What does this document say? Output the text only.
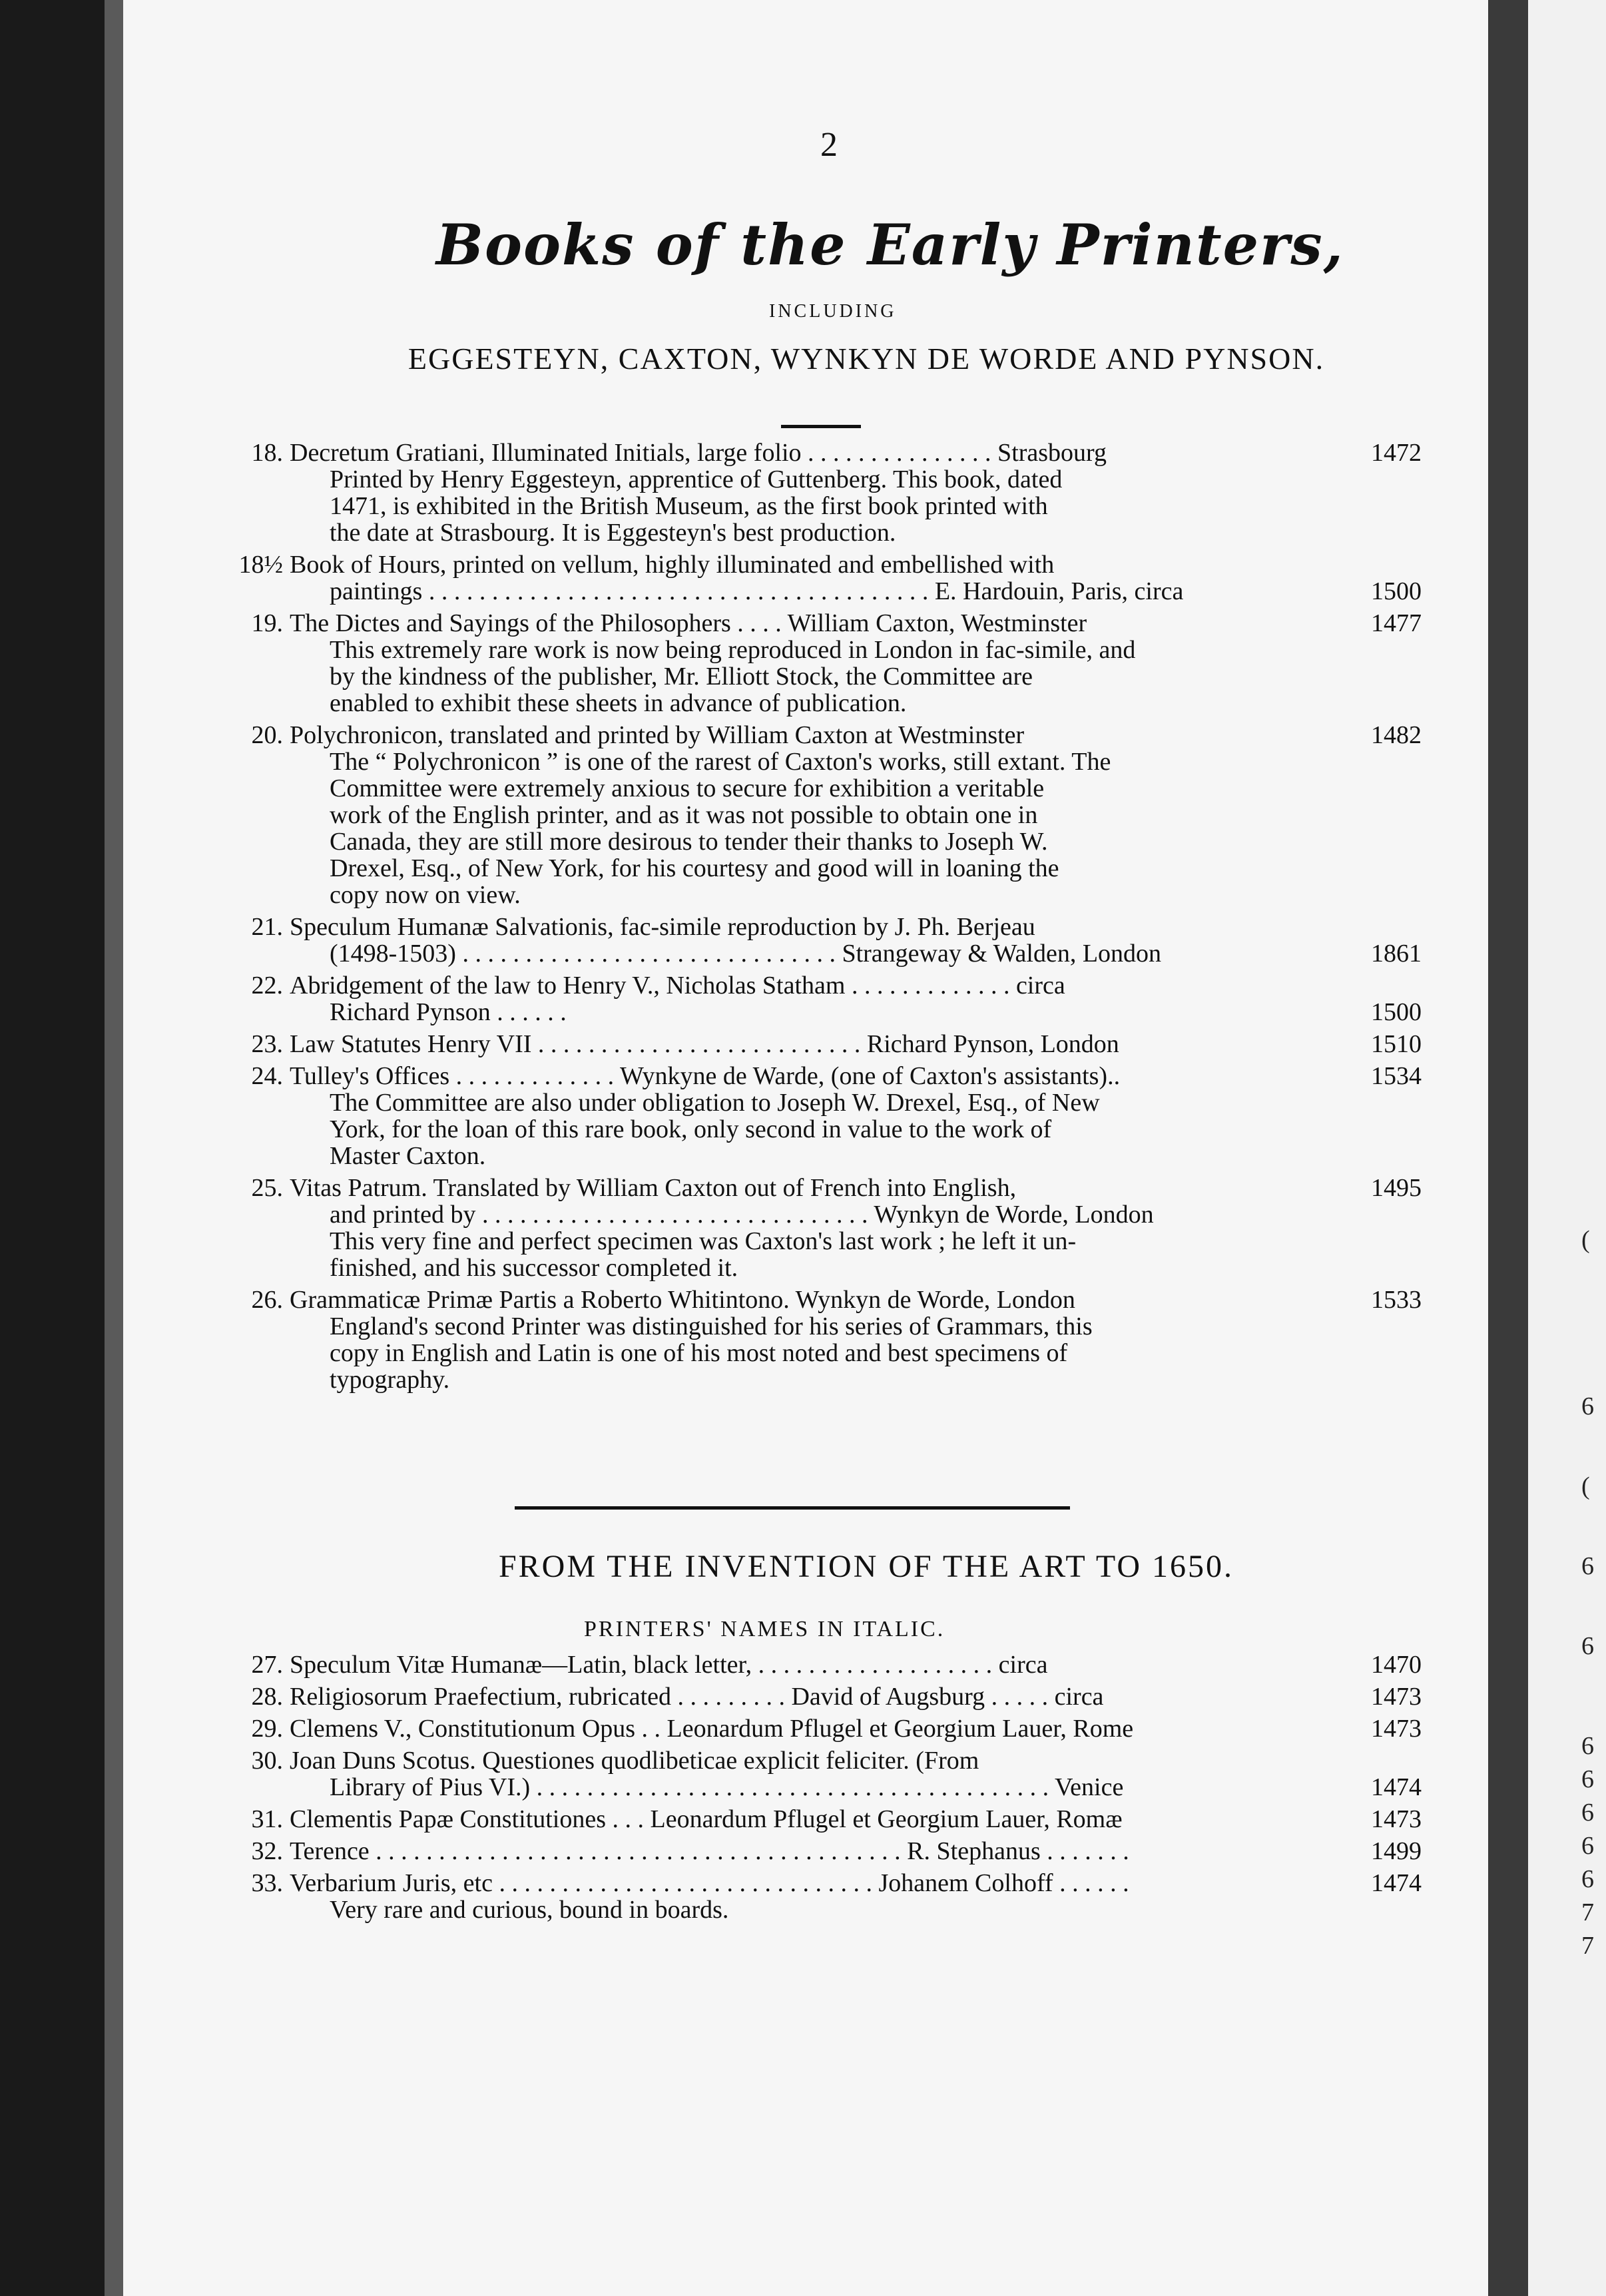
2
Books of the Early Printers,
INCLUDING
EGGESTEYN, CAXTON, WYNKYN DE WORDE AND PYNSON.
18. Decretum Gratiani, Illuminated Initials, large folio . . . . . . . . . . . . . . . Strasbourg	1472
Printed by Henry Eggesteyn, apprentice of Guttenberg. This book, dated
1471, is exhibited in the British Museum, as the first book printed with
the date at Strasbourg. It is Eggesteyn's best production.
18½ Book of Hours, printed on vellum, highly illuminated and embellished with
paintings . . . . . . . . . . . . . . . . . . . . . . . . . . . . . . . . . . . . . . . . E. Hardouin, Paris, circa	1500
19. The Dictes and Sayings of the Philosophers . . . . William Caxton, Westminster	1477
This extremely rare work is now being reproduced in London in fac-simile, and
by the kindness of the publisher, Mr. Elliott Stock, the Committee are
enabled to exhibit these sheets in advance of publication.
20. Polychronicon, translated and printed by William Caxton at Westminster	1482
The “ Polychronicon ” is one of the rarest of Caxton's works, still extant. The
Committee were extremely anxious to secure for exhibition a veritable
work of the English printer, and as it was not possible to obtain one in
Canada, they are still more desirous to tender their thanks to Joseph W.
Drexel, Esq., of New York, for his courtesy and good will in loaning the
copy now on view.
21. Speculum Humanæ Salvationis, fac-simile reproduction by J. Ph. Berjeau
(1498-1503) . . . . . . . . . . . . . . . . . . . . . . . . . . . . . . Strangeway & Walden, London	1861
22. Abridgement of the law to Henry V., Nicholas Statham . . . . . . . . . . . . . circa
Richard Pynson . . . . . .	1500
23. Law Statutes Henry VII . . . . . . . . . . . . . . . . . . . . . . . . . . Richard Pynson, London	1510
24. Tulley's Offices . . . . . . . . . . . . . Wynkyne de Warde, (one of Caxton's assistants)..	1534
The Committee are also under obligation to Joseph W. Drexel, Esq., of New
York, for the loan of this rare book, only second in value to the work of
Master Caxton.
25. Vitas Patrum. Translated by William Caxton out of French into English,	1495
and printed by . . . . . . . . . . . . . . . . . . . . . . . . . . . . . . . Wynkyn de Worde, London
This very fine and perfect specimen was Caxton's last work ; he left it un-
finished, and his successor completed it.
26. Grammaticæ Primæ Partis a Roberto Whitintono. Wynkyn de Worde, London	1533
England's second Printer was distinguished for his series of Grammars, this
copy in English and Latin is one of his most noted and best specimens of
typography.
FROM THE INVENTION OF THE ART TO 1650.
PRINTERS' NAMES IN ITALIC.
27. Speculum Vitæ Humanæ—Latin, black letter, . . . . . . . . . . . . . . . . . . . circa	1470
28. Religiosorum Praefectium, rubricated . . . . . . . . . David of Augsburg . . . . . circa	1473
29. Clemens V., Constitutionum Opus . . Leonardum Pflugel et Georgium Lauer, Rome	1473
30. Joan Duns Scotus. Questiones quodlibeticae explicit feliciter. (From
Library of Pius VI.) . . . . . . . . . . . . . . . . . . . . . . . . . . . . . . . . . . . . . . . . . Venice	1474
31. Clementis Papæ Constitutiones . . . Leonardum Pflugel et Georgium Lauer, Romæ	1473
32. Terence . . . . . . . . . . . . . . . . . . . . . . . . . . . . . . . . . . . . . . . . . . R. Stephanus . . . . . . .	1499
33. Verbarium Juris, etc . . . . . . . . . . . . . . . . . . . . . . . . . . . . . . Johanem Colhoff . . . . . .	1474
Very rare and curious, bound in boards.
(
6
(
6
6
6
6
6
6
6
7
7
